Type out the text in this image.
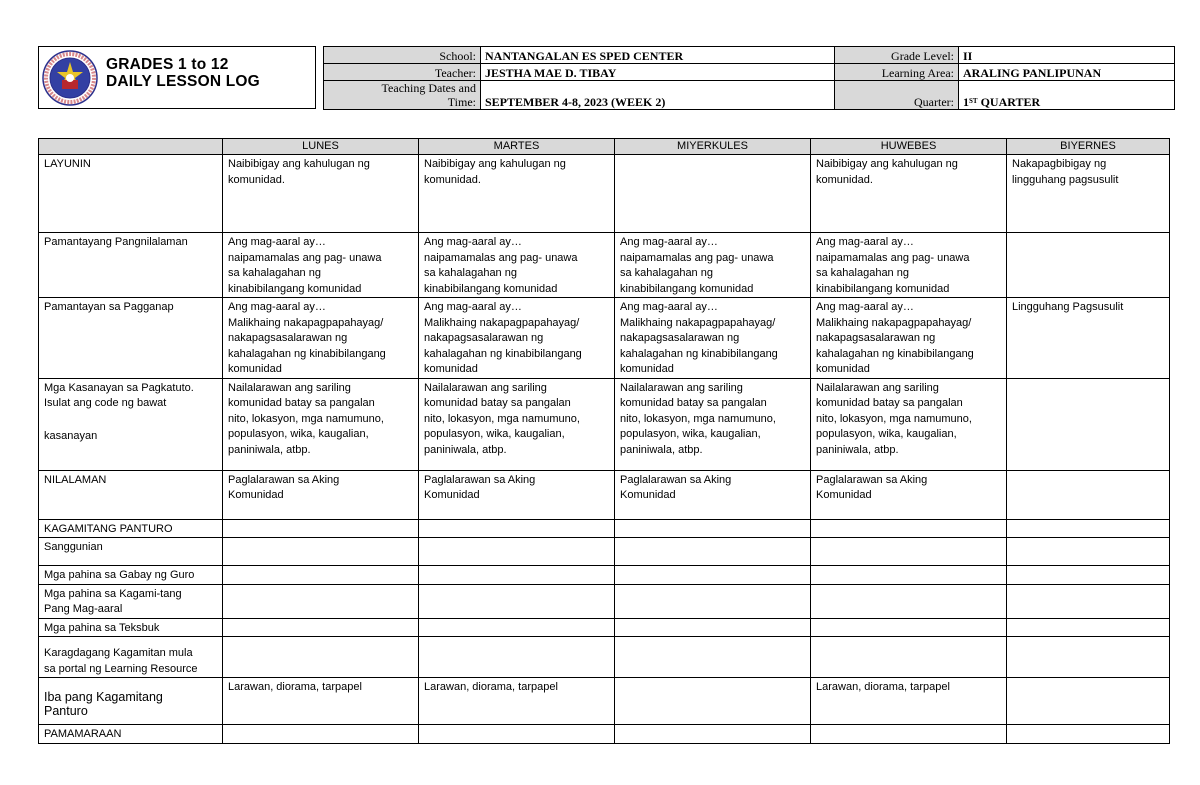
GRADES 1 to 12
DAILY LESSON LOG
School:	NANTANGALAN ES SPED CENTER	Grade Level:	II
Teacher:	JESTHA MAE D. TIBAY	Learning Area:	ARALING PANLIPUNAN

Teaching Dates and
Time:	SEPTEMBER 4-8, 2023 (WEEK 2)	Quarter:	1ST QUARTER
	LUNES	MARTES	MIYERKULES	HUWEBES	BIYERNES
LAYUNIN	Naibibigay ang kahulugan ng
komunidad.	Naibibigay ang kahulugan ng
komunidad.		Naibibigay ang kahulugan ng
komunidad.	Nakapagbibigay ng
lingguhang pagsusulit

Pamantayang Pangnilalaman	Ang mag-aaral ay…
naipamamalas ang pag- unawa
sa kahalagahan ng
kinabibilangang komunidad	Ang mag-aaral ay…
naipamamalas ang pag- unawa
sa kahalagahan ng
kinabibilangang komunidad	Ang mag-aaral ay…
naipamamalas ang pag- unawa
sa kahalagahan ng
kinabibilangang komunidad	Ang mag-aaral ay…
naipamamalas ang pag- unawa
sa kahalagahan ng
kinabibilangang komunidad	

Pamantayan sa Pagganap	Ang mag-aaral ay…
Malikhaing nakapagpapahayag/
nakapagsasalarawan ng
kahalagahan ng kinabibilangang
komunidad	Ang mag-aaral ay…
Malikhaing nakapagpapahayag/
nakapagsasalarawan ng
kahalagahan ng kinabibilangang
komunidad	Ang mag-aaral ay…
Malikhaing nakapagpapahayag/
nakapagsasalarawan ng
kahalagahan ng kinabibilangang
komunidad	Ang mag-aaral ay…
Malikhaing nakapagpapahayag/
nakapagsasalarawan ng
kahalagahan ng kinabibilangang
komunidad	Lingguhang Pagsusulit

Mga Kasanayan sa Pagkatuto.
Isulat ang code ng bawat
kasanayan	Nailalarawan ang sariling
komunidad batay sa pangalan
nito, lokasyon, mga namumuno,
populasyon, wika, kaugalian,
paniniwala, atbp.	Nailalarawan ang sariling
komunidad batay sa pangalan
nito, lokasyon, mga namumuno,
populasyon, wika, kaugalian,
paniniwala, atbp.	Nailalarawan ang sariling
komunidad batay sa pangalan
nito, lokasyon, mga namumuno,
populasyon, wika, kaugalian,
paniniwala, atbp.	Nailalarawan ang sariling
komunidad batay sa pangalan
nito, lokasyon, mga namumuno,
populasyon, wika, kaugalian,
paniniwala, atbp.	

NILALAMAN	Paglalarawan sa Aking
Komunidad	Paglalarawan sa Aking
Komunidad	Paglalarawan sa Aking
Komunidad	Paglalarawan sa Aking
Komunidad	

KAGAMITANG PANTURO					
Sanggunian					
Mga pahina sa Gabay ng Guro					

Mga pahina sa Kagami-tang
Pang Mag-aaral					

Mga pahina sa Teksbuk					

Karagdagang Kagamitan mula
sa portal ng Learning Resource					

Iba pang Kagamitang
Panturo	Larawan, diorama, tarpapel	Larawan, diorama, tarpapel		Larawan, diorama, tarpapel	
PAMAMARAAN					
